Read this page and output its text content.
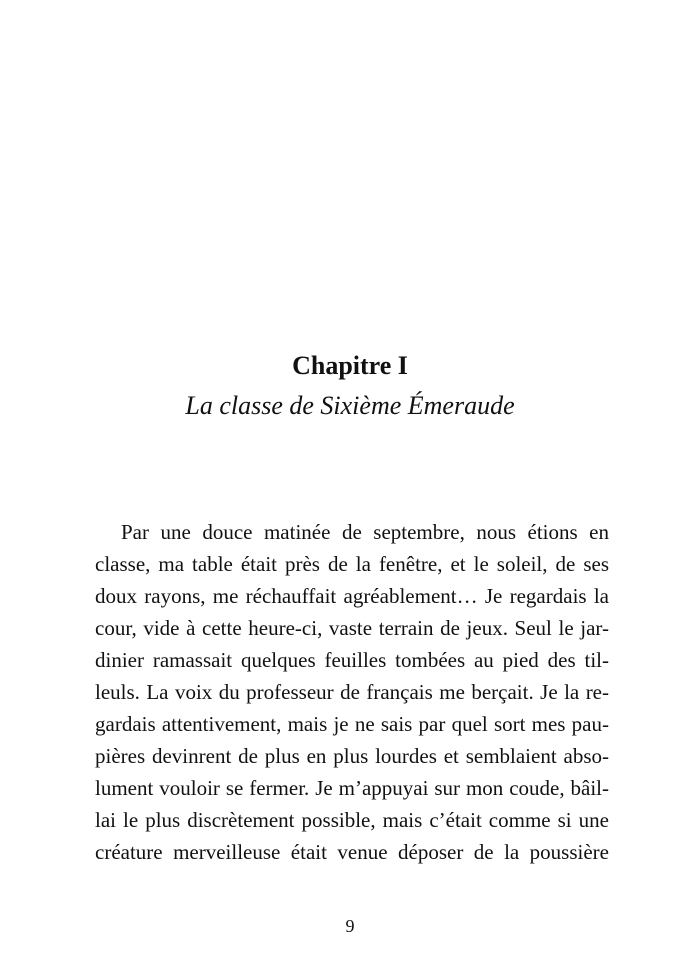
Chapitre I
La classe de Sixième Émeraude
Par une douce matinée de septembre, nous étions en
classe, ma table était près de la fenêtre, et le soleil, de ses
doux rayons, me réchauffait agréablement… Je regardais la
cour, vide à cette heure-ci, vaste terrain de jeux. Seul le jar-
dinier ramassait quelques feuilles tombées au pied des til-
leuls. La voix du professeur de français me berçait. Je la re-
gardais attentivement, mais je ne sais par quel sort mes pau-
pières devinrent de plus en plus lourdes et semblaient abso-
lument vouloir se fermer. Je m’appuyai sur mon coude, bâil-
lai le plus discrètement possible, mais c’était comme si une
créature merveilleuse était venue déposer de la poussière
9
